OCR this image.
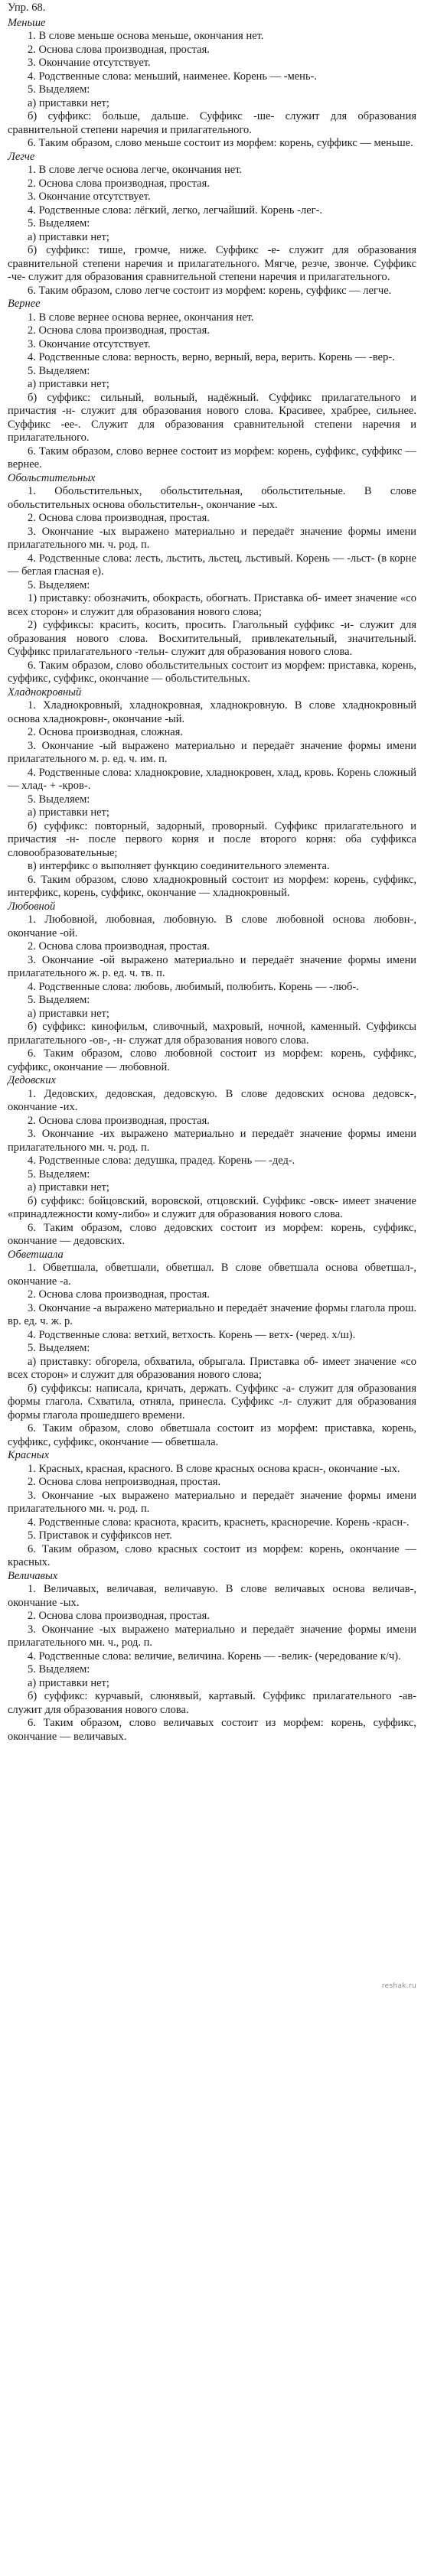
Упр. 68.

Меньше

1. В слове меньше основа меньше, окончания нет.

2. Основа слова производная, простая.

3. Окончание отсутствует.

4. Родственные слова: меньший, наименее. Корень — -мень-.

5. Выделяем:

а) приставки нет;

б) суффикс: больше, дальше. Суффикс -ше- служит для образования сравнительной степени наречия и прилагательного.

6. Таким образом, слово меньше состоит из морфем: корень, суффикс — меньше.

Легче

1. В слове легче основа легче, окончания нет.

2. Основа слова производная, простая.

3. Окончание отсутствует.

4. Родственные слова: лёгкий, легко, легчайший. Корень -лег-.

5. Выделяем:

а) приставки нет;

б) суффикс: тише, громче, ниже. Суффикс -е- служит для образования сравнительной степени наречия и прилагательного. Мягче, резче, звонче. Суффикс -че- служит для образования сравнительной степени наречия и прилагательного.

6. Таким образом, слово легче состоит из морфем: корень, суффикс — легче.

Вернее

1. В слове вернее основа вернее, окончания нет.

2. Основа слова производная, простая.

3. Окончание отсутствует.

4. Родственные слова: верность, верно, верный, вера, верить. Корень — -вер-.

5. Выделяем:

а) приставки нет;

б) суффикс: сильный, вольный, надёжный. Суффикс прилагательного и причастия -н- служит для образования нового слова. Красивее, храбрее, сильнее. Суффикс -ее-. Служит для образования сравнительной степени наречия и прилагательного.

6. Таким образом, слово вернее состоит из морфем: корень, суффикс, суффикс — вернее.

Обольстительных

1. Обольстительных, обольстительная, обольстительные. В слове обольстительных основа обольстительн-, окончание -ых.

2. Основа слова производная, простая.

3. Окончание -ых выражено материально и передаёт значение формы имени прилагательного мн. ч. род. п.

4. Родственные слова: лесть, льстить, льстец, льстивый. Корень — -льст- (в корне — беглая гласная е).

5. Выделяем:

1) приставку: обозначить, обокрасть, обогнать. Приставка об- имеет значение «со всех сторон» и служит для образования нового слова;

2) суффиксы: красить, косить, просить. Глагольный суффикс -и- служит для образования нового слова. Восхитительный, привлекательный, значительный. Суффикс прилагательного -тельн- служит для образования нового слова.

6. Таким образом, слово обольстительных состоит из морфем: приставка, корень, суффикс, суффикс, окончание — обольстительных.

Хладнокровный

1. Хладнокровный, хладнокровная, хладнокровную. В слове хладнокровный основа хладнокровн-, окончание -ый.

2. Основа производная, сложная.

3. Окончание -ый выражено материально и передаёт значение формы имени прилагательного м. р. ед. ч. им. п.

4. Родственные слова: хладнокровие, хладнокровен, хлад, кровь. Корень сложный — хлад- + -кров-.

5. Выделяем:

а) приставки нет;

б) суффикс: повторный, задорный, проворный. Суффикс прилагательного и причастия -н- после первого корня и после второго корня: оба суффикса словообразовательные;

в) интерфикс о выполняет функцию соединительного элемента.

6. Таким образом, слово хладнокровный состоит из морфем: корень, суффикс, интерфикс, корень, суффикс, окончание — хладнокровный.

Любовной

1. Любовной, любовная, любовную. В слове любовной основа любовн-, окончание -ой.

2. Основа слова производная, простая.

3. Окончание -ой выражено материально и передаёт значение формы имени прилагательного ж. р. ед. ч. тв. п.

4. Родственные слова: любовь, любимый, полюбить. Корень — -люб-.

5. Выделяем:

а) приставки нет;

б) суффикс: кинофильм, сливочный, махровый, ночной, каменный. Суффиксы прилагательного -ов-, -н- служат для образования нового слова.

6. Таким образом, слово любовной состоит из морфем: корень, суффикс, суффикс, окончание — любовной.

Дедовских

1. Дедовских, дедовская, дедовскую. В слове дедовских основа дедовск-, окончание -их.

2. Основа слова производная, простая.

3. Окончание -их выражено материально и передаёт значение формы имени прилагательного мн. ч. род. п.

4. Родственные слова: дедушка, прадед. Корень — -дед-.

5. Выделяем:

а) приставки нет;

б) суффикс: бойцовский, воровской, отцовский. Суффикс -овск- имеет значение «принадлежности кому-либо» и служит для образования нового слова.

6. Таким образом, слово дедовских состоит из морфем: корень, суффикс, окончание — дедовских.

Обветшала

1. Обветшала, обветшали, обветшал. В слове обветшала основа обветшал-, окончание -а.

2. Основа слова производная, простая.

3. Окончание -а выражено материально и передаёт значение формы глагола прош. вр. ед. ч. ж. р.

4. Родственные слова: ветхий, ветхость. Корень — ветх- (черед. х/ш).

5. Выделяем:

а) приставку: обгорела, обхватила, обрыгала. Приставка об- имеет значение «со всех сторон» и служит для образования нового слова;

б) суффиксы: написала, кричать, держать. Суффикс -а- служит для образования формы глагола. Схватила, отняла, принесла. Суффикс -л- служит для образования формы глагола прошедшего времени.

6. Таким образом, слово обветшала состоит из морфем: приставка, корень, суффикс, суффикс, окончание — обветшала.

Красных

1. Красных, красная, красного. В слове красных основа красн-, окончание -ых.

2. Основа слова непроизводная, простая.

3. Окончание -ых выражено материально и передаёт значение формы имени прилагательного мн. ч. род. п.

4. Родственные слова: краснота, красить, краснеть, красноречие. Корень -красн-.

5. Приставок и суффиксов нет.

6. Таким образом, слово красных состоит из морфем: корень, окончание — красных.

Величавых

1. Величавых, величавая, величавую. В слове величавых основа величав-, окончание -ых.

2. Основа слова производная, простая.

3. Окончание -ых выражено материально и передаёт значение формы имени прилагательного мн. ч., род. п.

4. Родственные слова: величие, величина. Корень — -велик- (чередование к/ч).

5. Выделяем:

а) приставки нет;

б) суффикс: курчавый, слюнявый, картавый. Суффикс прилагательного -ав- служит для образования нового слова.

6. Таким образом, слово величавых состоит из морфем: корень, суффикс, окончание — величавых.

reshak.ru
